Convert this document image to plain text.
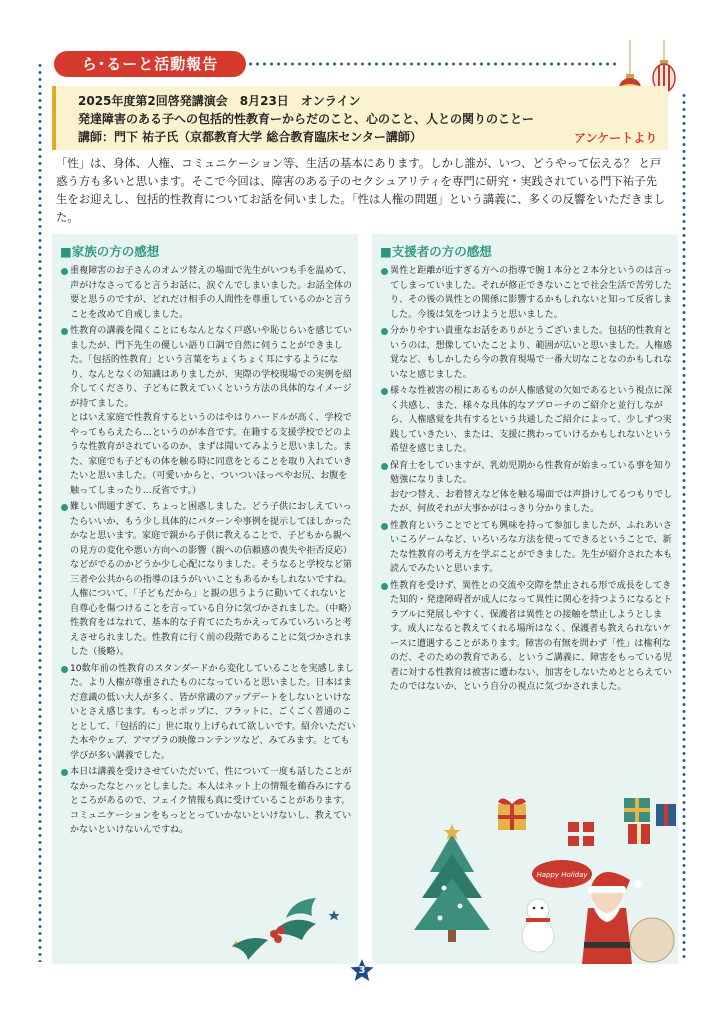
ら･るーと活動報告
2025年度第2回啓発講演会　8月23日　オンライン
発達障害のある子への包括的性教育ーからだのこと、心のこと、人との関りのことー
講師：門下 祐子氏（京都教育大学 総合教育臨床センター講師）	アンケートより
「性」は、身体、人権、コミュニケーション等、生活の基本にあります。しかし誰が、いつ、どうやって伝える？ と戸惑う方も多いと思います。そこで今回は、障害のある子のセクシュアリティを専門に研究・実践されている門下祐子先生をお迎えし、包括的性教育についてお話を伺いました。「性は人権の問題」という講義に、多くの反響をいただきました。
■家族の方の感想

重複障害のお子さんのオムツ替えの場面で先生がいつも手を温めて、声がけなさってると言うお話に、涙ぐんでしまいました。お話全体の要と思うのですが、どれだけ相手の人間性を尊重しているのかと言うことを改めて自戒しました。

性教育の講義を聞くことにもなんとなく戸惑いや恥じらいを感じていましたが、門下先生の優しい語り口調で自然に伺うことができました。「包括的性教育」という言葉をちょくちょく耳にするようになり、なんとなくの知識はありましたが、実際の学校現場での実例を紹介してくださり、子どもに教えていくという方法の具体的なイメージが持てました。

とはいえ家庭で性教育するというのはやはりハードルが高く、学校でやってもらえたら…というのが本音です。在籍する支援学校でどのような性教育がされているのか、まずは聞いてみようと思いました。また、家庭でも子どもの体を触る時に同意をとることを取り入れていきたいと思いました。（可愛いからと、ついついほっぺやお尻、お腹を触ってしまったり…反省です。）

難しい問題すぎて、ちょっと困惑しました。どう子供におしえていったらいいか、もう少し具体的にパターンや事例を提示してほしかったかなと思います。家庭で親から子供に教えることで、子どもから親への見方の変化や悪い方向への影響（親への信頼感の喪失や拒否反応）などがでるのかどうか少し心配になりました。そうなると学校など第三者や公共からの指導のほうがいいこともあるかもしれないですね。

人権について、「子どもだから」と親の思うように動いてくれないと自尊心を傷つけることを言っている自分に気づかされました。（中略）性教育をはなれて、基本的な子育てにたちかえってみていろいろと考えさせられました。性教育に行く前の段階であることに気づかされました（後略）。

10数年前の性教育のスタンダードから変化していることを実感しました。より人権が尊重されたものになっていると思いました。日本はまだ意識の低い大人が多く、皆が常識のアップデートをしないといけないとさえ感じます。もっとポップに、フラットに、ごくごく普通のこととして、「包括的に」世に取り上げられて欲しいです。紹介いただいた本やウェブ、アマプラの映像コンテンツなど、みてみます。とても学びが多い講義でした。

本日は講義を受けさせていただいて、性について一度も話したことがなかったなとハッとしました。本人はネット上の情報を鵜呑みにするところがあるので、フェイク情報も真に受けていることがあります。コミュニケーションをもっととっていかないといけないし、教えていかないといけないんですね。

■支援者の方の感想

異性と距離が近すぎる方への指導で腕１本分と２本分というのは言ってしまっていました。それが修正できないことで社会生活で苦労したり、その後の異性との関係に影響するかもしれないと知って反省しました。今後は気をつけようと思いました。

分かりやすい貴重なお話をありがとうございました。包括的性教育というのは、想像していたことより、範囲が広いと思いました。人権感覚など、もしかしたら今の教育現場で一番大切なことなのかもしれないなと感じました。

様々な性被害の根にあるものが人権感覚の欠如であるという視点に深く共感し、また、様々な具体的なアプローチのご紹介と並行しながら、人権感覚を共有するという共通したご紹介によって、少しずつ実践していきたい、または、支援に携わっていけるかもしれないという希望を感じました。

保育士をしていますが、乳幼児期から性教育が始まっている事を知り勉強になりました。

おむつ替え、お着替えなど体を触る場面では声掛けしてるつもりでしたが、何故それが大事かがはっきり分かりました。

性教育ということでとても興味を持って参加しましたが、ふれあいさいころゲームなど、いろいろな方法を使ってできるということで、新たな性教育の考え方を学ぶことができました。先生が紹介された本も読んでみたいと思います。

性教育を受けず、異性との交流や交際を禁止される形で成長をしてきた知的・発達障碍者が成人になって異性に関心を持つようになるとトラブルに発展しやすく、保護者は異性との接触を禁止しようとします。成人になると教えてくれる場所はなく、保護者も教えられないケースに遭遇することがあります。障害の有無を問わず「性」は権利なのだ、そのための教育である、というご講義に、障害をもっている児者に対する性教育は被害に遭わない、加害をしないためととらえていたのではないか、という自分の視点に気づかされました。

Happy Holiday
3
